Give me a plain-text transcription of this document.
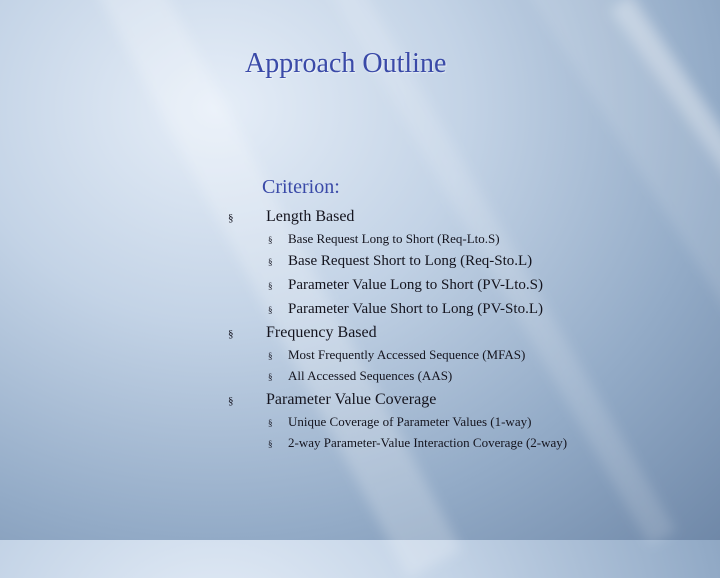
Approach Outline
Criterion:
§	Length Based
§	Base Request Long to Short (Req-Lto.S)
§	Base Request Short to Long (Req-Sto.L)
§	Parameter Value Long to Short (PV-Lto.S)
§	Parameter Value Short to Long (PV-Sto.L)
§	Frequency Based
§	Most Frequently Accessed Sequence (MFAS)
§	All Accessed Sequences (AAS)
§	Parameter Value Coverage
§	Unique Coverage of Parameter Values (1-way)
§	2-way Parameter-Value Interaction Coverage (2-way)
